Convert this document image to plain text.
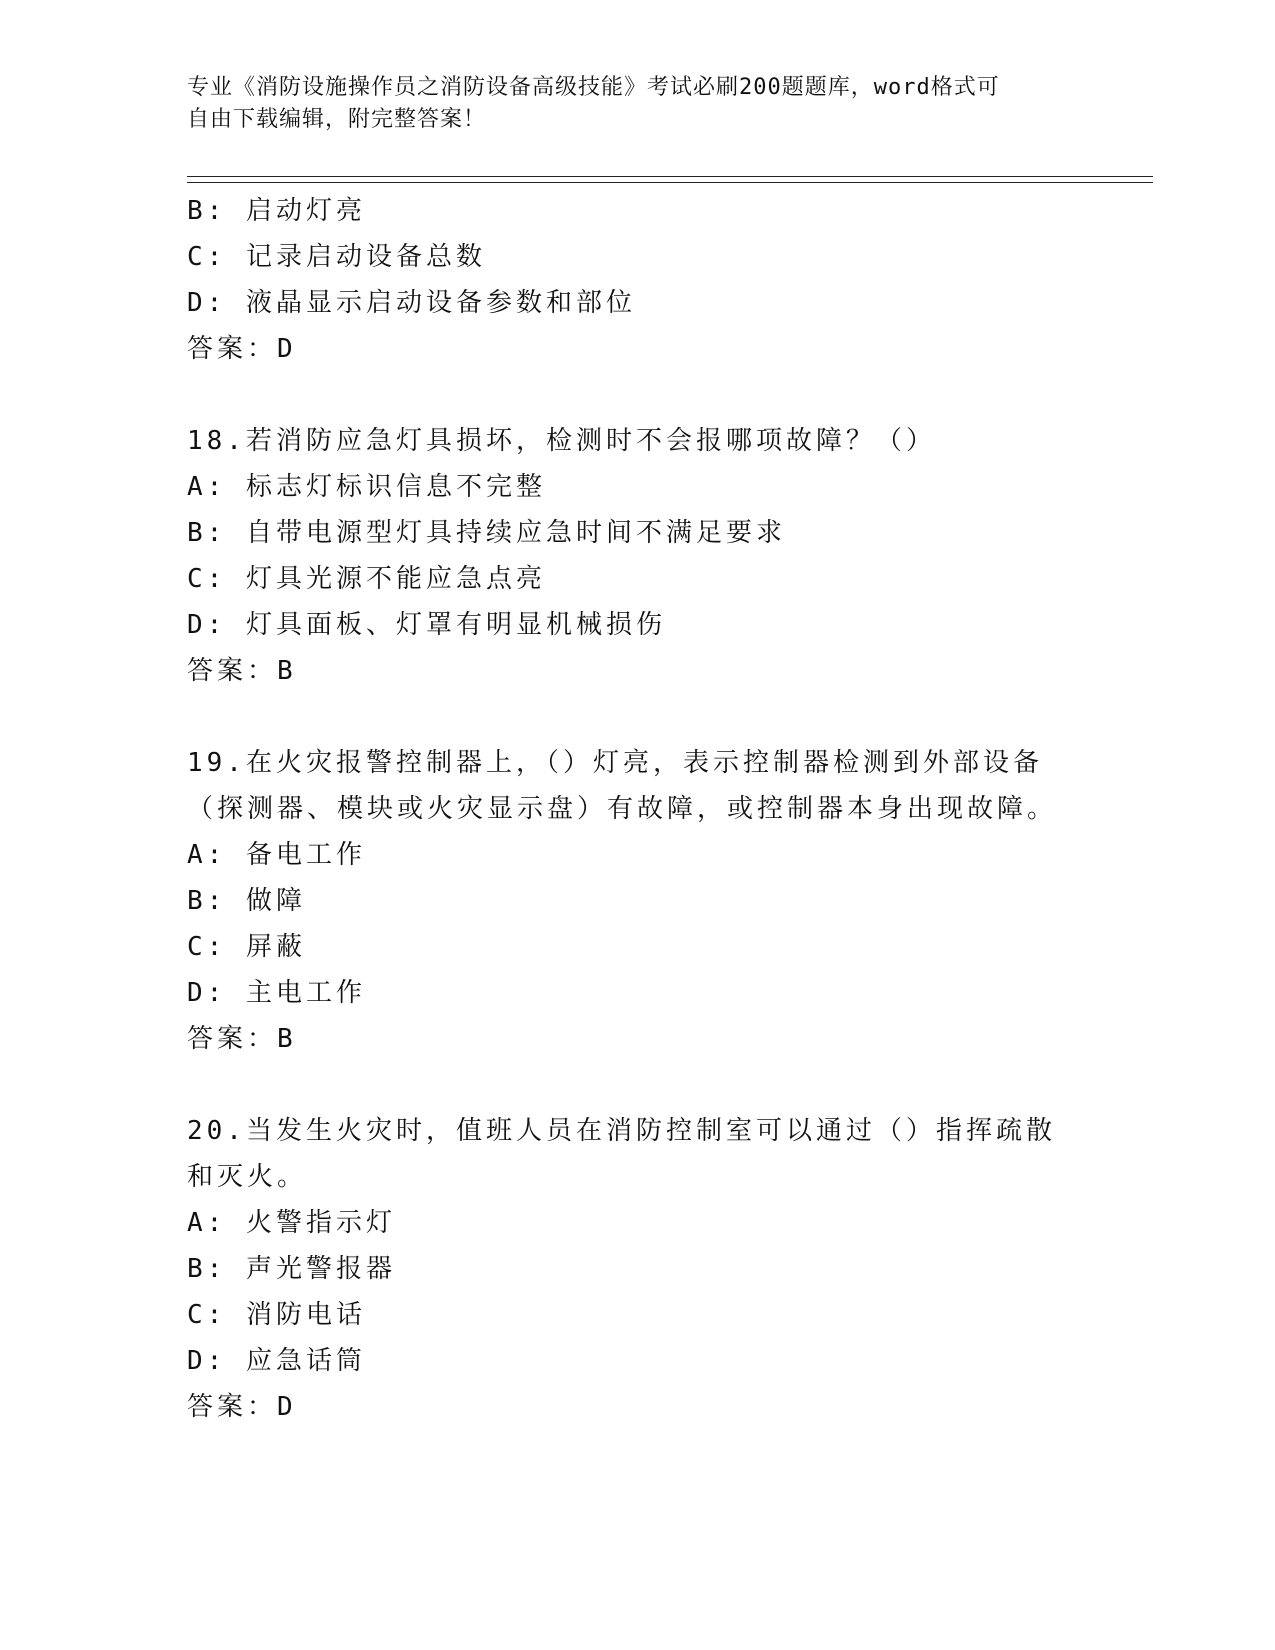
专业《消防设施操作员之消防设备高级技能》考试必刷200题题库，word格式可
自由下载编辑，附完整答案！
B: 启动灯亮
C: 记录启动设备总数
D: 液晶显示启动设备参数和部位
答案：D
18.若消防应急灯具损坏，检测时不会报哪项故障？（）
A: 标志灯标识信息不完整
B: 自带电源型灯具持续应急时间不满足要求
C: 灯具光源不能应急点亮
D: 灯具面板、灯罩有明显机械损伤
答案：B
19.在火灾报警控制器上，（）灯亮，表示控制器检测到外部设备（探测器、模块或火灾显示盘）有故障，或控制器本身出现故障。
A: 备电工作
B: 做障
C: 屏蔽
D: 主电工作
答案：B
20.当发生火灾时，值班人员在消防控制室可以通过（）指挥疏散和灭火。
A: 火警指示灯
B: 声光警报器
C: 消防电话
D: 应急话筒
答案：D
